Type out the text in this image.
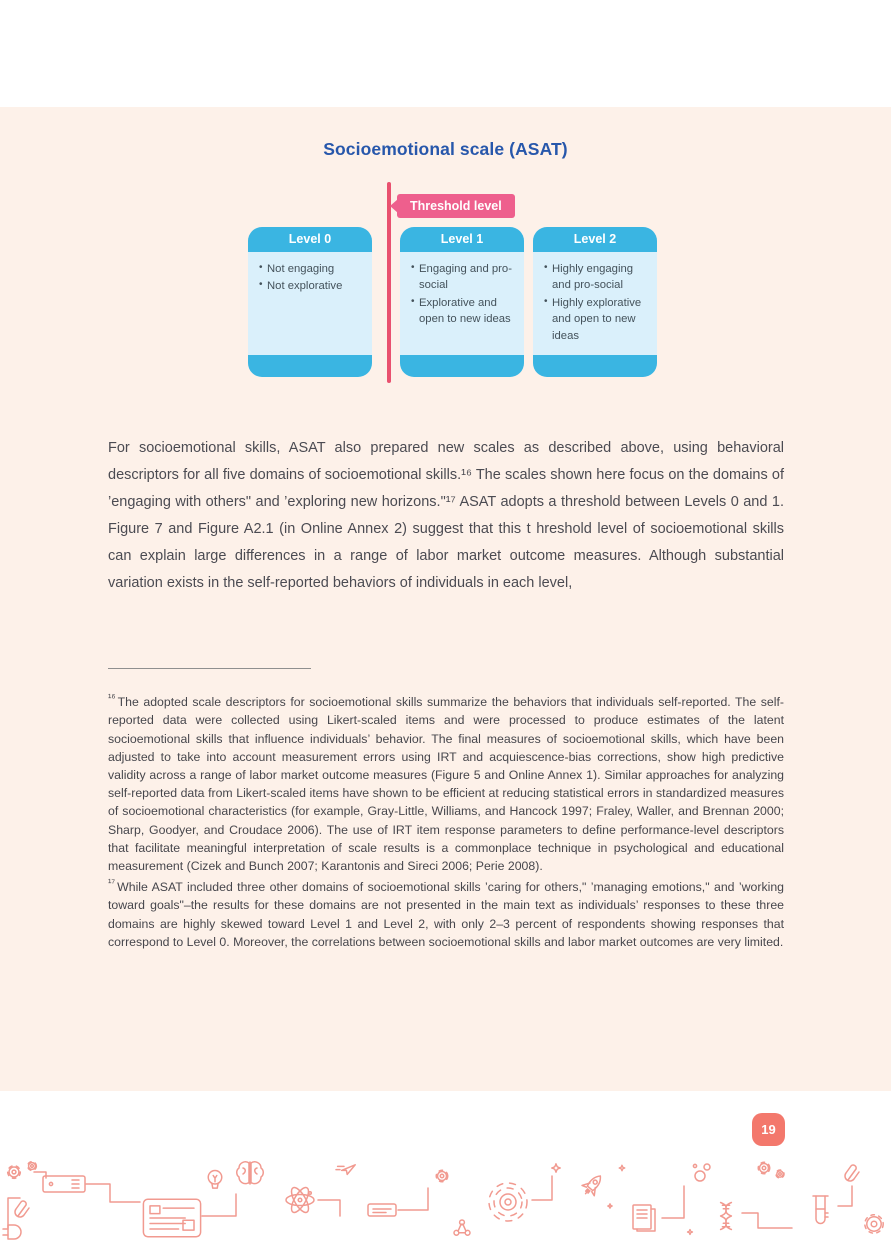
Socioemotional scale (ASAT)
Threshold level
Level 0
• Not engaging
• Not explorative
Level 1
• Engaging and pro-social
• Explorative and open to new ideas
Level 2
• Highly engaging and pro-social
• Highly explorative and open to new ideas

For socioemotional skills, ASAT also prepared new scales as described above, using behavioral descriptors for all five domains of socioemotional skills.¹⁶ The scales shown here focus on the domains of ’engaging with others" and ’exploring new horizons."¹⁷ ASAT adopts a threshold between Levels 0 and 1. Figure 7 and Figure A2.1 (in Online Annex 2) suggest that this t hreshold level of socioemotional skills can explain large differences in a range of labor market outcome measures. Although substantial variation exists in the self-reported behaviors of individuals in each level,

$^{^{16}}$ The adopted scale descriptors for socioemotional skills summarize the behaviors that individuals self-reported. The self-reported data were collected using Likert-scaled items and were processed to produce estimates of the latent socioemotional skills that influence individuals’ behavior. The final measures of socioemotional skills, which have been adjusted to take into account measurement errors using IRT and acquiescence-bias corrections, show high predictive validity across a range of labor market outcome measures (Figure 5 and Online Annex 1). Similar approaches for analyzing self-reported data from Likert-scaled items have shown to be efficient at reducing statistical errors in standardized measures of socioemotional characteristics (for example, Gray-Little, Williams, and Hancock 1997; Fraley, Waller, and Brennan 2000; Sharp, Goodyer, and Croudace 2006). The use of IRT item response parameters to define performance-level descriptors that facilitate meaningful interpretation of scale results is a commonplace technique in psychological and educational measurement (Cizek and Bunch 2007; Karantonis and Sireci 2006; Perie 2008).

$^{^{17}}$ While ASAT included three other domains of socioemotional skills ’caring for others," ’managing emotions," and ’working toward goals"–the results for these domains are not presented in the main text as individuals’ responses to these three domains are highly skewed toward Level 1 and Level 2, with only 2–3 percent of respondents showing responses that correspond to Level 0. Moreover, the correlations between socioemotional skills and labor market outcomes are very limited.

19
